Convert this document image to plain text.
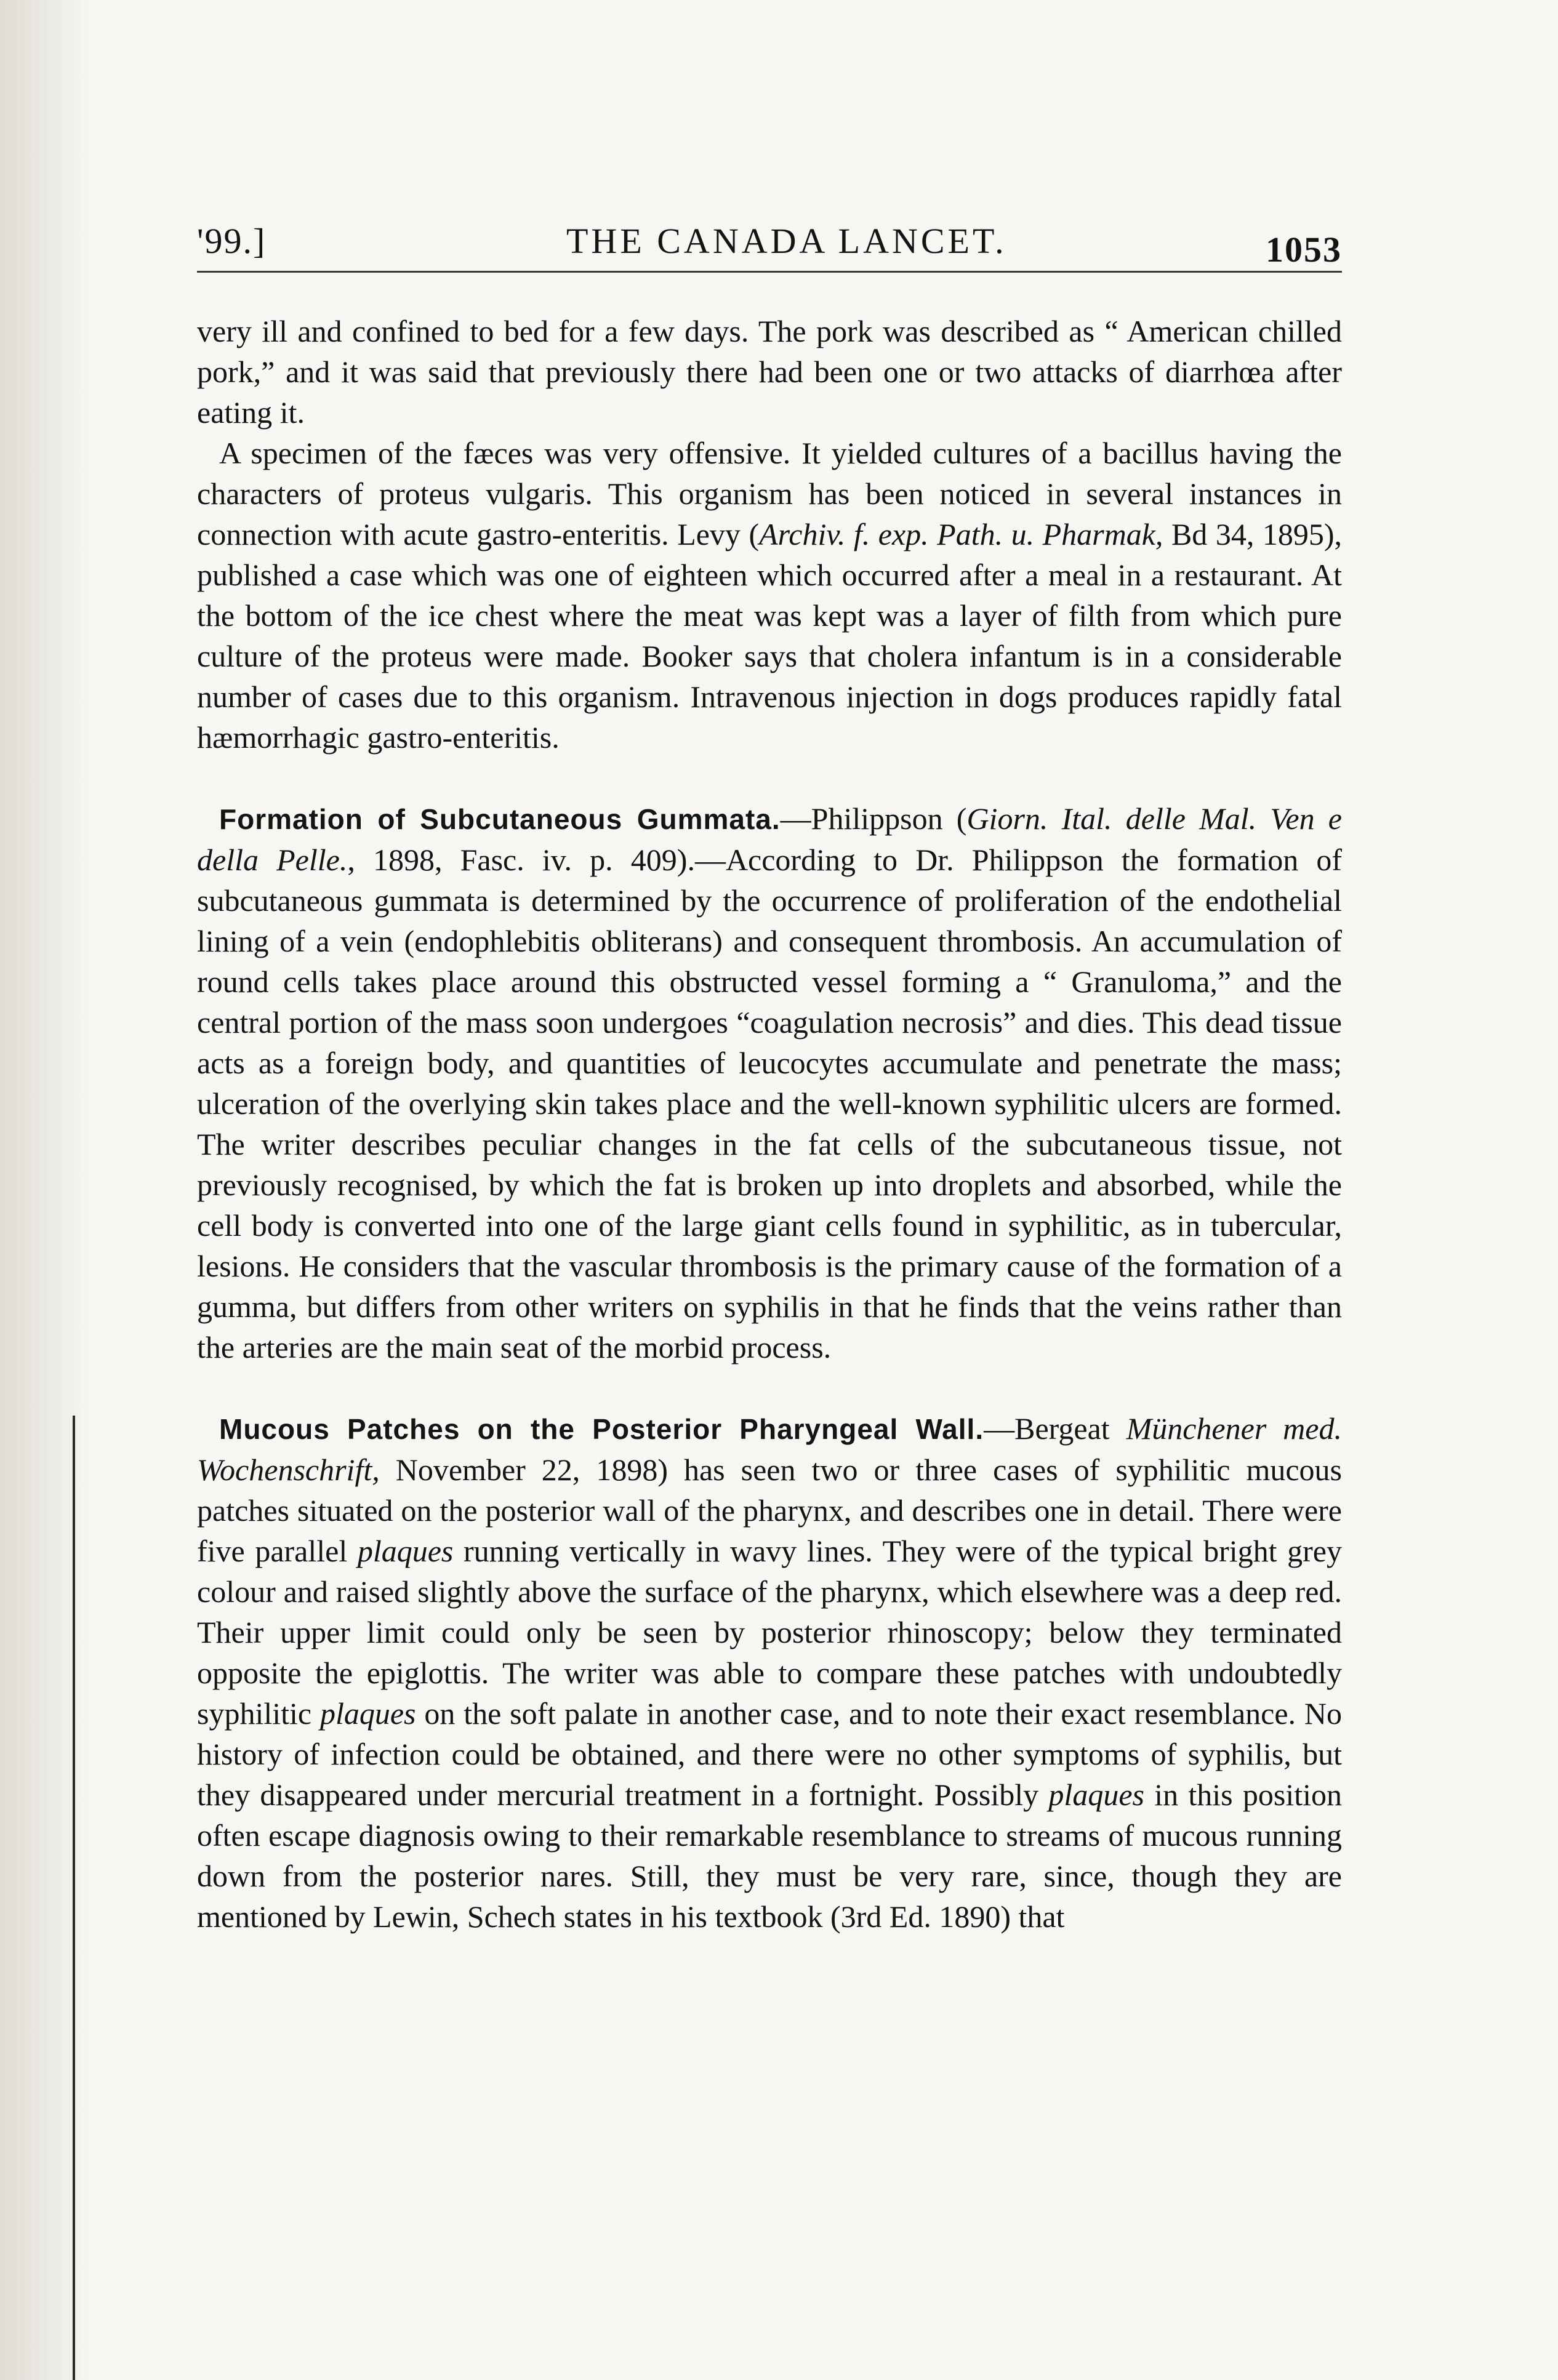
'99.]	THE CANADA LANCET.	1053

very ill and confined to bed for a few days. The pork was described as “ American chilled pork,” and it was said that previously there had been one or two attacks of diarrhœa after eating it.

A specimen of the fæces was very offensive. It yielded cultures of a bacillus having the characters of proteus vulgaris. This organism has been noticed in several instances in connection with acute gastro-enteritis. Levy (Archiv. f. exp. Path. u. Pharmak, Bd 34, 1895), published a case which was one of eighteen which occurred after a meal in a restaurant. At the bottom of the ice chest where the meat was kept was a layer of filth from which pure culture of the proteus were made. Booker says that cholera infantum is in a considerable number of cases due to this organism. Intravenous injection in dogs produces rapidly fatal hæmorrhagic gastro-enteritis.

Formation of Subcutaneous Gummata.—Philippson (Giorn. Ital. delle Mal. Ven e della Pelle., 1898, Fasc. iv. p. 409).—According to Dr. Philippson the formation of subcutaneous gummata is determined by the occurrence of proliferation of the endothelial lining of a vein (endophlebitis obliterans) and consequent thrombosis. An accumulation of round cells takes place around this obstructed vessel forming a “ Granuloma,” and the central portion of the mass soon undergoes “coagulation necrosis” and dies. This dead tissue acts as a foreign body, and quantities of leucocytes accumulate and penetrate the mass; ulceration of the overlying skin takes place and the well-known syphilitic ulcers are formed. The writer describes peculiar changes in the fat cells of the subcutaneous tissue, not previously recognised, by which the fat is broken up into droplets and absorbed, while the cell body is converted into one of the large giant cells found in syphilitic, as in tubercular, lesions. He considers that the vascular thrombosis is the primary cause of the formation of a gumma, but differs from other writers on syphilis in that he finds that the veins rather than the arteries are the main seat of the morbid process.

Mucous Patches on the Posterior Pharyngeal Wall.—Bergeat Münchener med. Wochenschrift, November 22, 1898) has seen two or three cases of syphilitic mucous patches situated on the posterior wall of the pharynx, and describes one in detail. There were five parallel plaques running vertically in wavy lines. They were of the typical bright grey colour and raised slightly above the surface of the pharynx, which elsewhere was a deep red. Their upper limit could only be seen by posterior rhinoscopy; below they terminated opposite the epiglottis. The writer was able to compare these patches with undoubtedly syphilitic plaques on the soft palate in another case, and to note their exact resemblance. No history of infection could be obtained, and there were no other symptoms of syphilis, but they disappeared under mercurial treatment in a fortnight. Possibly plaques in this position often escape diagnosis owing to their remarkable resemblance to streams of mucous running down from the posterior nares. Still, they must be very rare, since, though they are mentioned by Lewin, Schech states in his textbook (3rd Ed. 1890) that
